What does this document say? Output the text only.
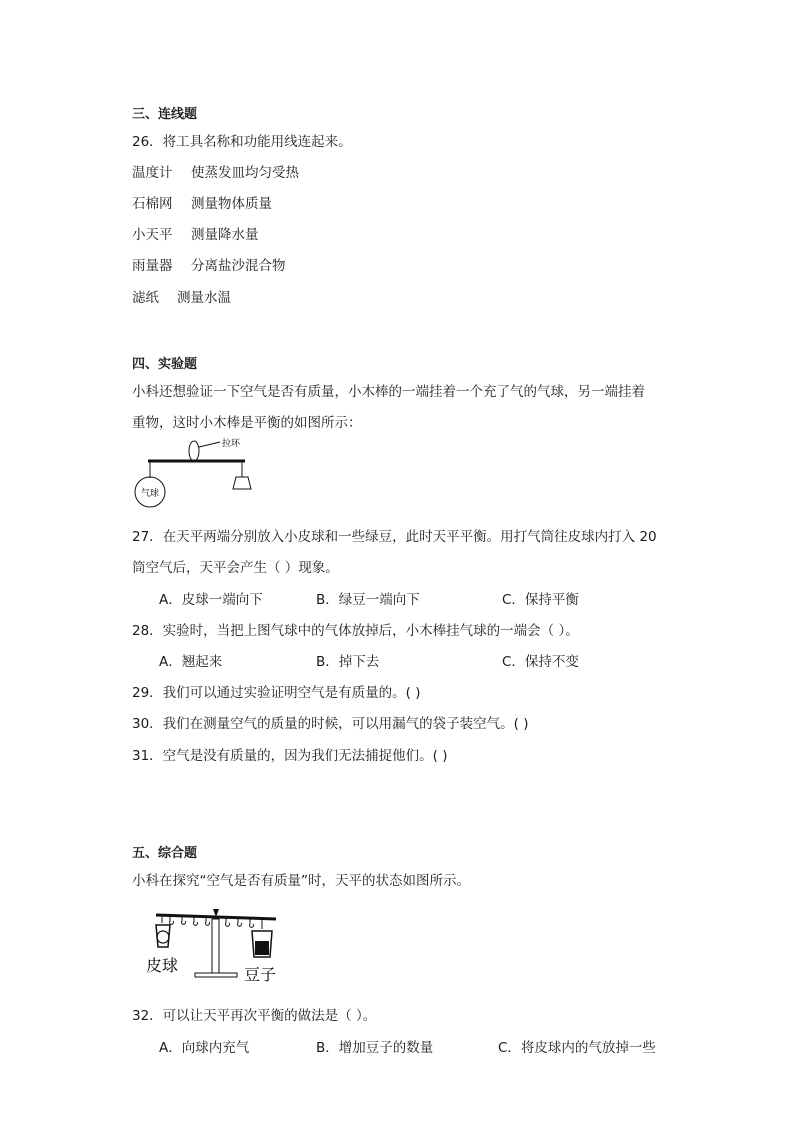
三、连线题
26．将工具名称和功能用线连起来。
温度计 使蒸发皿均匀受热
石棉网 测量物体质量
小天平 测量降水量
雨量器 分离盐沙混合物
滤纸 测量水温
四、实验题
小科还想验证一下空气是否有质量，小木棒的一端挂着一个充了气的气球，另一端挂着
重物，这时小木棒是平衡的如图所示：
拉环
气球
27．在天平两端分别放入小皮球和一些绿豆，此时天平平衡。用打气筒往皮球内打入 20
筒空气后，天平会产生（ ）现象。
A．皮球一端向下	B．绿豆一端向下	C．保持平衡
28．实验时，当把上图气球中的气体放掉后，小木棒挂气球的一端会（ ）。
A．翘起来	B．掉下去	C．保持不变
29．我们可以通过实验证明空气是有质量的。( )
30．我们在测量空气的质量的时候，可以用漏气的袋子装空气。( )
31．空气是没有质量的，因为我们无法捕捉他们。( )
五、综合题
小科在探究“空气是否有质量”时，天平的状态如图所示。
皮球	豆子
32．可以让天平再次平衡的做法是（ ）。
A．向球内充气	B．增加豆子的数量	C．将皮球内的气放掉一些
